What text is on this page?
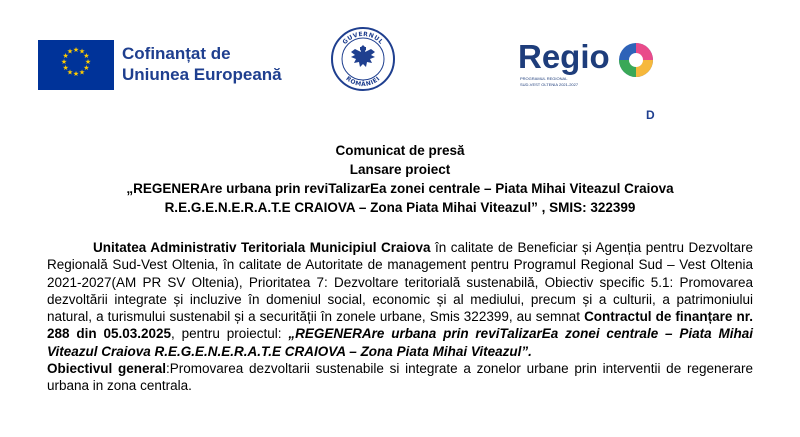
★ ★
★
★
★
★
★
★
★
★
★
★	Cofinanțat de
Uniunea Europeană
GUVERNUL
ROMÂNIEI
Regio
PROGRAMUL REGIONAL
SUD-VEST OLTENIA 2021-2027
D
Comunicat de presă
Lansare proiect
„REGENERAre urbana prin reviTalizarEa zonei centrale – Piata Mihai Viteazul Craiova
R.E.G.E.N.E.R.A.T.E CRAIOVA – Zona Piata Mihai Viteazul” , SMIS: 322399

Unitatea Administrativ Teritoriala Municipiul Craiova în calitate de Beneficiar și Agenția pentru Dezvoltare Regională Sud-Vest Oltenia, în calitate de Autoritate de management pentru Programul Regional Sud – Vest Oltenia 2021-2027(AM PR SV Oltenia), Prioritatea 7: Dezvoltare teritorială sustenabilă, Obiectiv specific 5.1: Promovarea dezvoltării integrate și incluzive în domeniul social, economic și al mediului, precum și a culturii, a patrimoniului natural, a turismului sustenabil și a securității în zonele urbane, Smis 322399, au semnat Contractul de finanțare nr. 288 din 05.03.2025, pentru proiectul: „REGENERAre urbana prin reviTalizarEa zonei centrale – Piata Mihai Viteazul Craiova R.E.G.E.N.E.R.A.T.E CRAIOVA – Zona Piata Mihai Viteazul”.

Obiectivul general:Promovarea dezvoltarii sustenabile si integrate a zonelor urbane prin interventii de regenerare urbana in zona centrala.
